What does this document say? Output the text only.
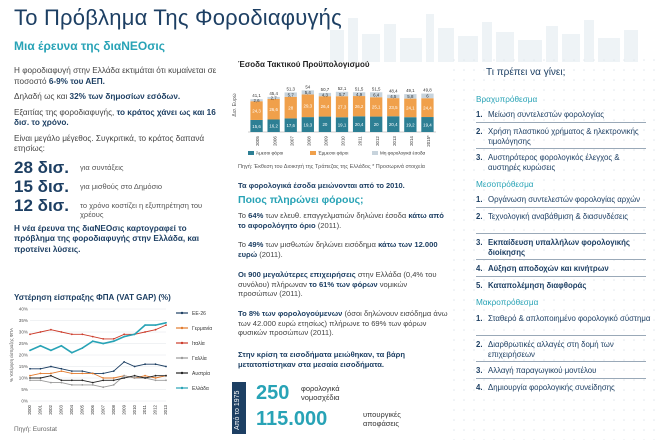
Το Πρόβλημα Της Φοροδιαφυγής
Μια έρευνα της διαΝΕΟσις

Η φοροδιαφυγή στην Ελλάδα εκτιμάται ότι κυμαίνεται σε ποσοστό 6-9% του ΑΕΠ.

Δηλαδή ως και 32% των δημοσίων εσόδων.

Εξαιτίας της φοροδιαφυγής, το κράτος χάνει ως και 16 δισ. το χρόνο.

Είναι μεγάλο μέγεθος. Συγκριτικά, το κράτος δαπανά ετησίως:

28 δισ. για συντάξεις
15 δισ. για μισθούς στο Δημόσιο
12 δισ. το χρόνο κοστίζει η εξυπηρέτηση του χρέους

Η νέα έρευνα της διαΝΕΟσις καρτογραφεί το πρόβλημα της φοροδιαφυγής στην Ελλάδα, και προτείνει λύσεις.

Υστέρηση είσπραξης ΦΠΑ (VAT GAP) (%)
% Υστέρηση είσπραξης ΦΠΑ
0%
5%
10%
15%
20%
25%
30%
35%
40%
2000 2001 2002 2003 2004 2005 2006 2007 2008 2009 2010 2011 2012 2013
ΕΕ-26
Γερμανία
Ιταλία
Γαλλία
Αυστρία
Ελλάδα
Πηγή: Eurostat
Έσοδα Τακτικού Προϋπολογισμού
Δισ. Ευρώ
15,6
24,3
2,6
41,1
2005
16,2
26,6
2,7
45,4
2006
17,6
28
5,7
51,3
2007
19,3
29,3
5,4
54
2008
20
26,4
4,3
50,7
2009
19,1
27,3
5,7
52,1
2010
20,4
26,2
4,9
51,5
2011
20
25,1
6,4
51,5
2012
20,4
23,5
4,5
48,4
2013
19,2
24,1
5,8
49,1
2014
19,4
24,4
6
49,8
2015*
Άμεσοι φόροι	Έμμεσοι φόροι	Μη φορολογικά έσοδα
Πηγή: Έκθεση του Διοικητή της Τράπεζας της Ελλάδος * Προσωρινά στοιχεία
Τα φορολογικά έσοδα μειώνονται από το 2010.
Ποιος πληρώνει φόρους;
Το 64% των ελευθ. επαγγελματιών δηλώνει έσοδα κάτω από το αφορολόγητο όριο (2011).
Το 49% των μισθωτών δηλώνει εισόδημα κάτω των 12.000 ευρώ (2011).
Οι 900 μεγαλύτερες επιχειρήσεις στην Ελλάδα (0,4% του συνόλου) πλήρωναν το 61% των φόρων νομικών προσώπων (2011).
Το 8% των φορολογούμενων (όσοι δηλώνουν εισόδημα άνω των 42.000 ευρώ ετησίως) πλήρωνε το 69% των φόρων φυσικών προσώπων (2011).
Στην κρίση τα εισοδήματα μειώθηκαν, τα βάρη μετατοπίστηκαν στα μεσαία εισοδήματα.
Από το 1975 250 φορολογικά
νομοσχέδια
115.000	υπουργικές
αποφάσεις
Τι πρέπει να γίνει;
Βραχυπρόθεσμα
1. Μείωση συντελεστών φορολογίας
2. Χρήση πλαστικού χρήματος & ηλεκτρονικής τιμολόγησης
3. Αυστηρότερος φορολογικός έλεγχος & αυστηρές κυρώσεις
Μεσοπρόθεσμα
1. Οργάνωση συντελεστών φορολογίας αρχών
2. Τεχνολογική αναβάθμιση & διασυνδέσεις
3. Εκπαίδευση υπαλλήλων φορολογικής διοίκησης
4. Αύξηση αποδοχών και κινήτρων
5. Καταπολέμηση διαφθοράς
Μακροπρόθεσμα
1. Σταθερό & απλοποιημένο φορολογικό σύστημα
2. Διαρθρωτικές αλλαγές στη δομή των επιχειρήσεων
3. Αλλαγή παραγωγικού μοντέλου
4. Δημιουργία φορολογικής συνείδησης
